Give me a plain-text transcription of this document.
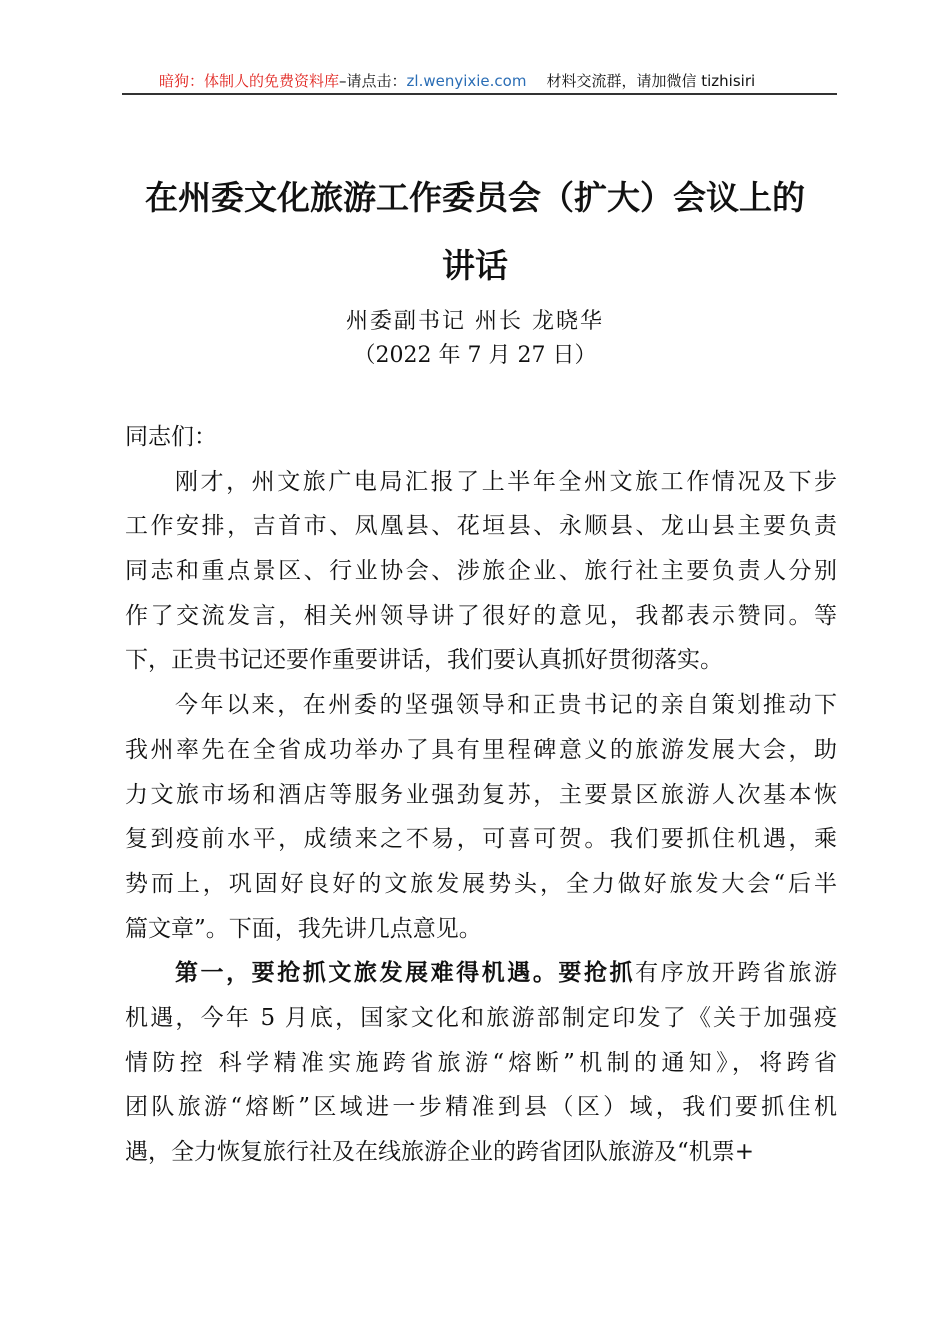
暗狗：体制人的免费资料库–请点击：zl.wenyixie.com 材料交流群，请加微信 tizhisiri
在州委文化旅游工作委员会（扩大）会议上的
讲话
州委副书记 州长 龙晓华
（2022 年 7 月 27 日）
同志们：
刚才，州文旅广电局汇报了上半年全州文旅工作情况及下步
工作安排，吉首市、凤凰县、花垣县、永顺县、龙山县主要负责
同志和重点景区、行业协会、涉旅企业、旅行社主要负责人分别
作了交流发言，相关州领导讲了很好的意见，我都表示赞同。等
下，正贵书记还要作重要讲话，我们要认真抓好贯彻落实。
今年以来，在州委的坚强领导和正贵书记的亲自策划推动下
我州率先在全省成功举办了具有里程碑意义的旅游发展大会，助
力文旅市场和酒店等服务业强劲复苏，主要景区旅游人次基本恢
复到疫前水平，成绩来之不易，可喜可贺。我们要抓住机遇，乘
势而上，巩固好良好的文旅发展势头，全力做好旅发大会“后半
篇文章”。下面，我先讲几点意见。
第一，要抢抓文旅发展难得机遇。要抢抓有序放开跨省旅游
机遇，今年 5 月底，国家文化和旅游部制定印发了《关于加强疫
情防控 科学精准实施跨省旅游“熔断”机制的通知》，将跨省
团队旅游“熔断”区域进一步精准到县（区）域，我们要抓住机
遇，全力恢复旅行社及在线旅游企业的跨省团队旅游及“机票+
